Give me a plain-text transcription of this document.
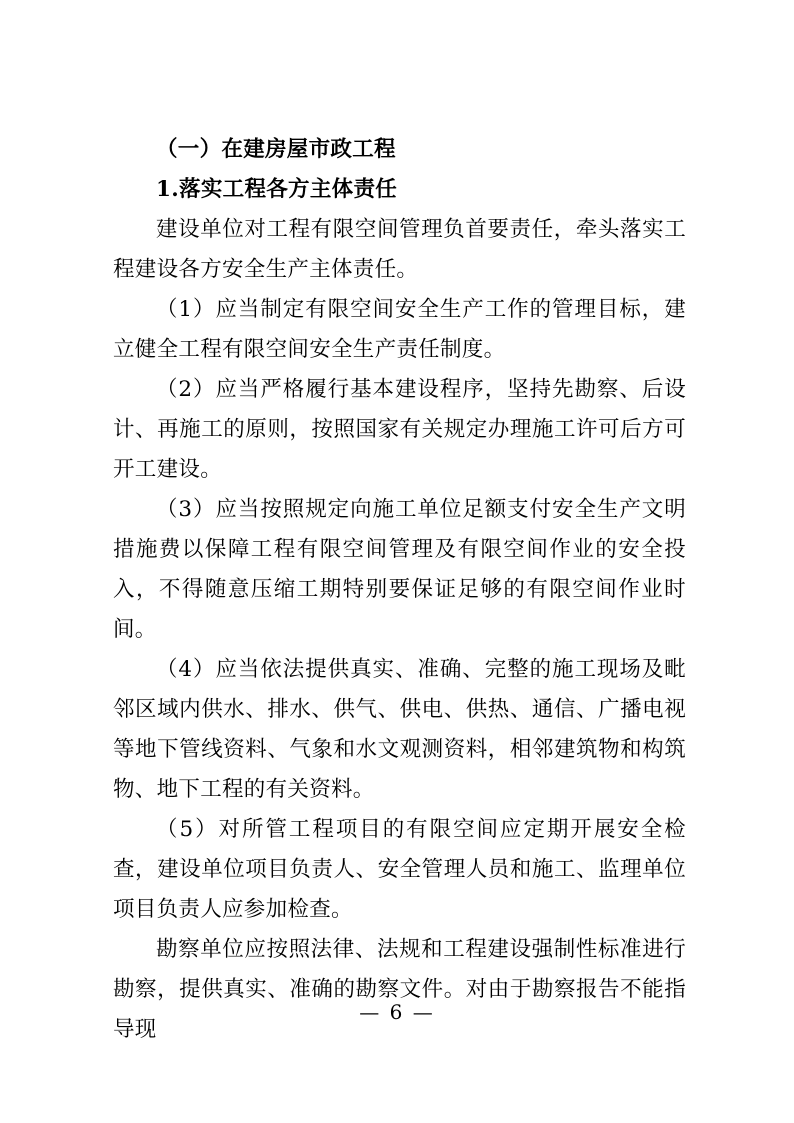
（一）在建房屋市政工程

1.落实工程各方主体责任

建设单位对工程有限空间管理负首要责任，牵头落实工程建设各方安全生产主体责任。

（1）应当制定有限空间安全生产工作的管理目标，建立健全工程有限空间安全生产责任制度。

（2）应当严格履行基本建设程序，坚持先勘察、后设计、再施工的原则，按照国家有关规定办理施工许可后方可开工建设。

（3）应当按照规定向施工单位足额支付安全生产文明措施费以保障工程有限空间管理及有限空间作业的安全投入，不得随意压缩工期特别要保证足够的有限空间作业时间。

（4）应当依法提供真实、准确、完整的施工现场及毗邻区域内供水、排水、供气、供电、供热、通信、广播电视等地下管线资料、气象和水文观测资料，相邻建筑物和构筑物、地下工程的有关资料。

（5）对所管工程项目的有限空间应定期开展安全检查，建设单位项目负责人、安全管理人员和施工、监理单位项目负责人应参加检查。

勘察单位应按照法律、法规和工程建设强制性标准进行勘察，提供真实、准确的勘察文件。对由于勘察报告不能指导现

— 6 —
